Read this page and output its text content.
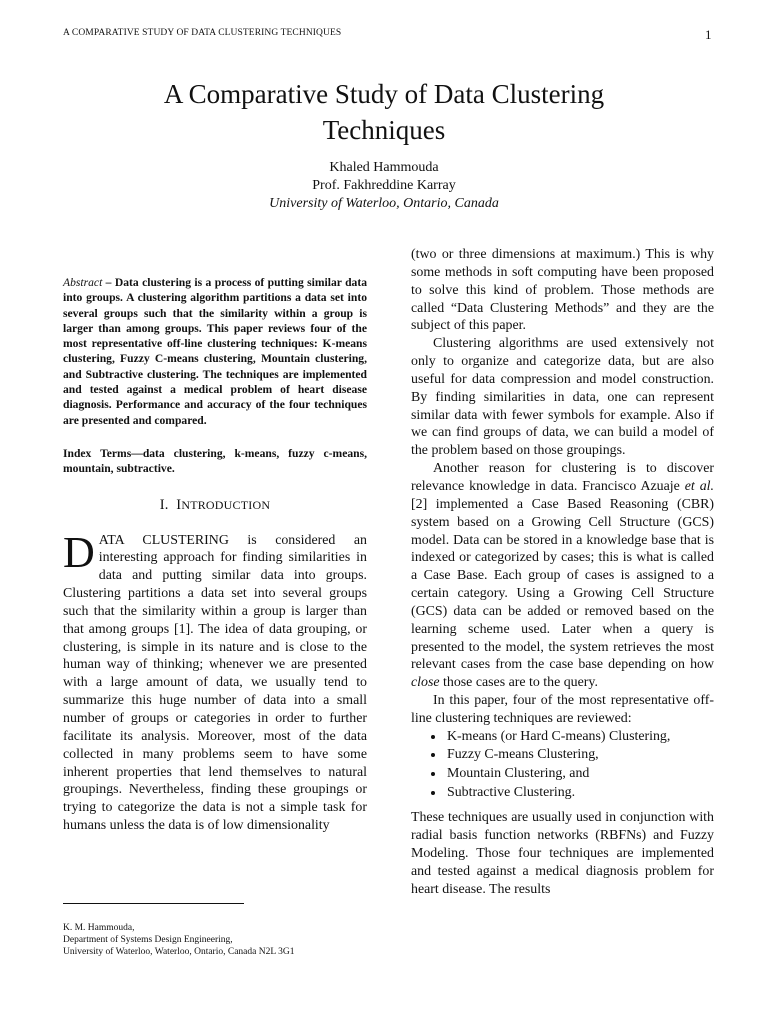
A COMPARATIVE STUDY OF DATA CLUSTERING TECHNIQUES	1
A Comparative Study of Data Clustering
Techniques
Khaled Hammouda
Prof. Fakhreddine Karray
University of Waterloo, Ontario, Canada

Abstract – Data clustering is a process of putting similar data into groups. A clustering algorithm partitions a data set into several groups such that the similarity within a group is larger than among groups. This paper reviews four of the most representative off-line clustering techniques: K-means clustering, Fuzzy C-means clustering, Mountain clustering, and Subtractive clustering. The techniques are implemented and tested against a medical problem of heart disease diagnosis. Performance and accuracy of the four techniques are presented and compared.

Index Terms—data clustering, k-means, fuzzy c-means, mountain, subtractive.

I. INTRODUCTION

DATA CLUSTERING is considered an interesting approach for finding similarities in data and putting similar data into groups. Clustering partitions a data set into several groups such that the similarity within a group is larger than that among groups [1]. The idea of data grouping, or clustering, is simple in its nature and is close to the human way of thinking; whenever we are presented with a large amount of data, we usually tend to summarize this huge number of data into a small number of groups or categories in order to further facilitate its analysis. Moreover, most of the data collected in many problems seem to have some inherent properties that lend themselves to natural groupings. Nevertheless, finding these groupings or trying to categorize the data is not a simple task for humans unless the data is of low dimensionality

(two or three dimensions at maximum.) This is why some methods in soft computing have been proposed to solve this kind of problem. Those methods are called “Data Clustering Methods” and they are the subject of this paper.

Clustering algorithms are used extensively not only to organize and categorize data, but are also useful for data compression and model construction. By finding similarities in data, one can represent similar data with fewer symbols for example. Also if we can find groups of data, we can build a model of the problem based on those groupings.

Another reason for clustering is to discover relevance knowledge in data. Francisco Azuaje et al. [2] implemented a Case Based Reasoning (CBR) system based on a Growing Cell Structure (GCS) model. Data can be stored in a knowledge base that is indexed or categorized by cases; this is what is called a Case Base. Each group of cases is assigned to a certain category. Using a Growing Cell Structure (GCS) data can be added or removed based on the learning scheme used. Later when a query is presented to the model, the system retrieves the most relevant cases from the case base depending on how close those cases are to the query.

In this paper, four of the most representative off-line clustering techniques are reviewed:

• K-means (or Hard C-means) Clustering,
• Fuzzy C-means Clustering,
• Mountain Clustering, and
• Subtractive Clustering.

These techniques are usually used in conjunction with radial basis function networks (RBFNs) and Fuzzy Modeling. Those four techniques are implemented and tested against a medical diagnosis problem for heart disease. The results

K. M. Hammouda,
Department of Systems Design Engineering,
University of Waterloo, Waterloo, Ontario, Canada N2L 3G1
